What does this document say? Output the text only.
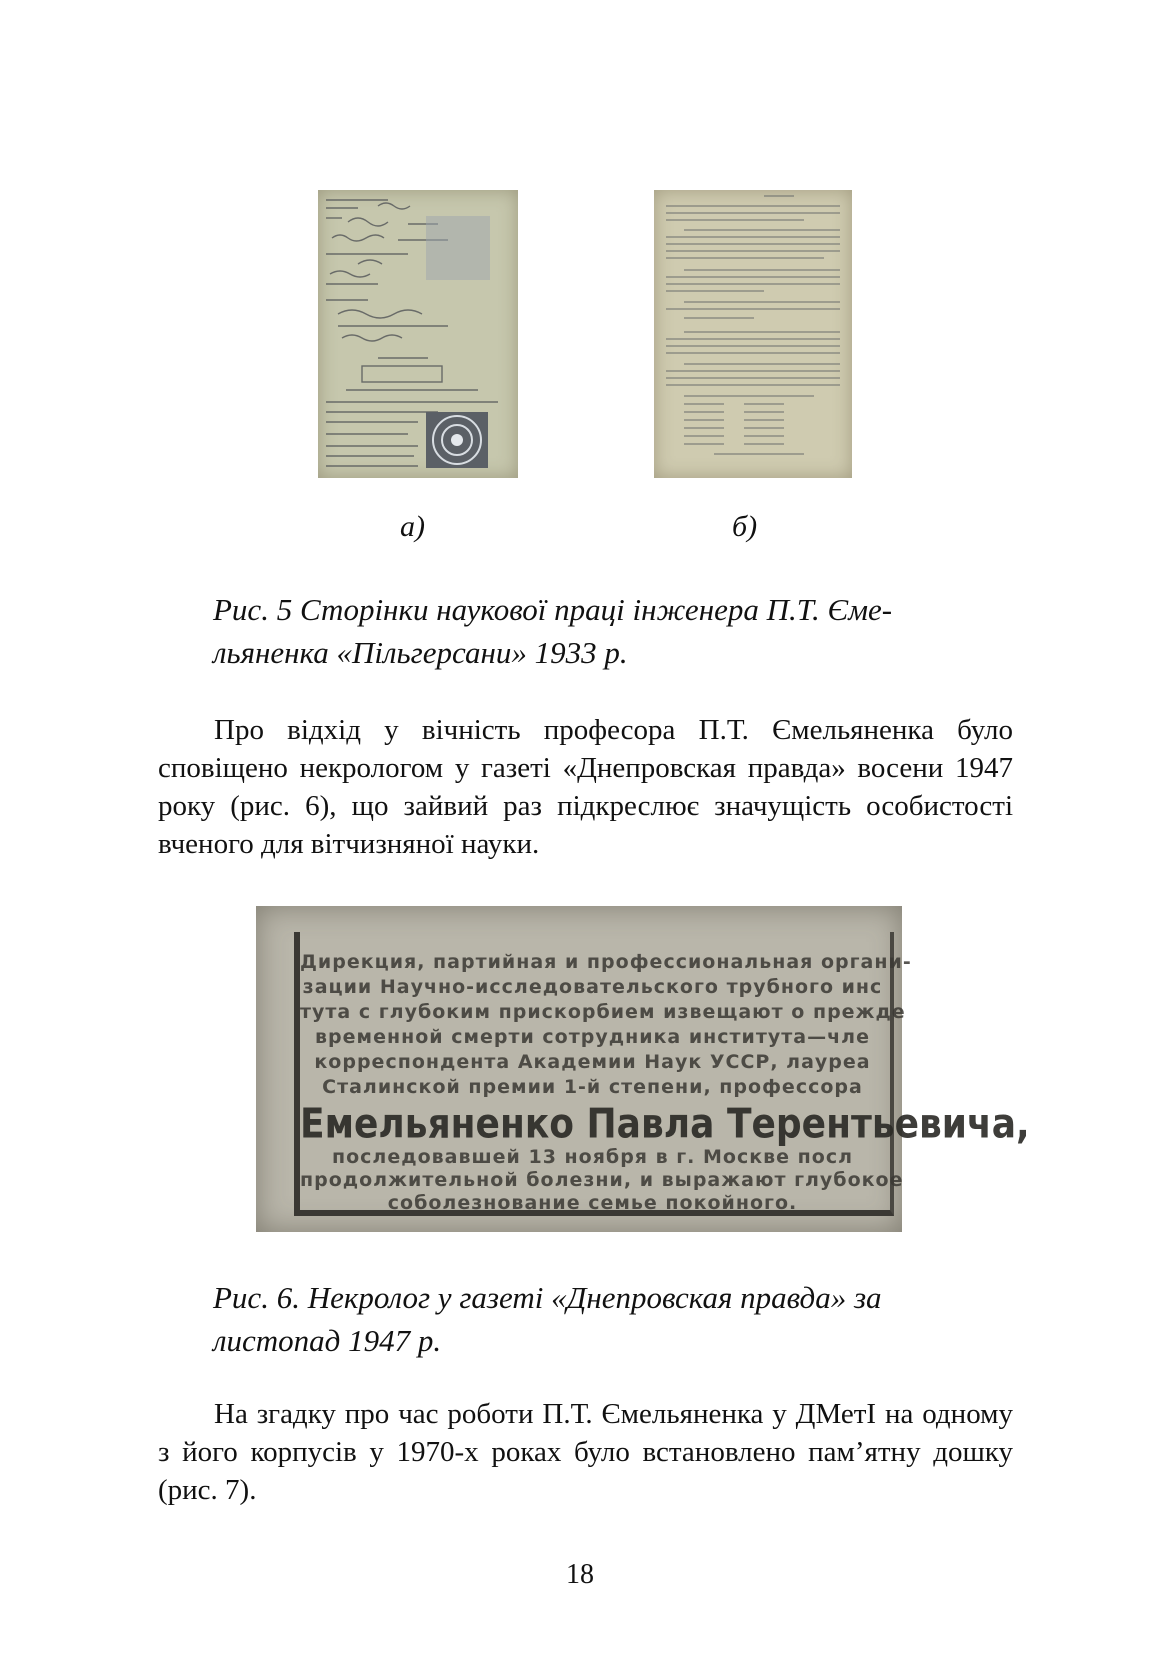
а)	б)
Рис. 5 Сторінки наукової праці інженера П.Т. Єме-
льяненка «Пільгерсани» 1933 р.

Про відхід у вічність професора П.Т. Ємельяненка було сповіщено некрологом у газеті «Днепровская правда» восени 1947 року (рис. 6), що зайвий раз підкреслює значущість особистості вченого для вітчизняної науки.

Дирекция, партийная и профессиональная органи-
зации Научно-исследовательского трубного инс
тута с глубоким прискорбием извещают о прежде
временной смерти сотрудника института—чле
корреспондента Академии Наук УССР, лауреа
Сталинской премии 1-й степени, профессора
Емельяненко Павла Терентьевича,
последовавшей 13 ноября в г. Москве посл
продолжительной болезни, и выражают глубокое
соболезнование семье покойного.
Рис. 6. Некролог у газеті «Днепровская правда» за
листопад 1947 р.

На згадку про час роботи П.Т. Ємельяненка у ДМетІ на одному з його корпусів у 1970-х роках було встановлено пам’ятну дошку (рис. 7).

18
